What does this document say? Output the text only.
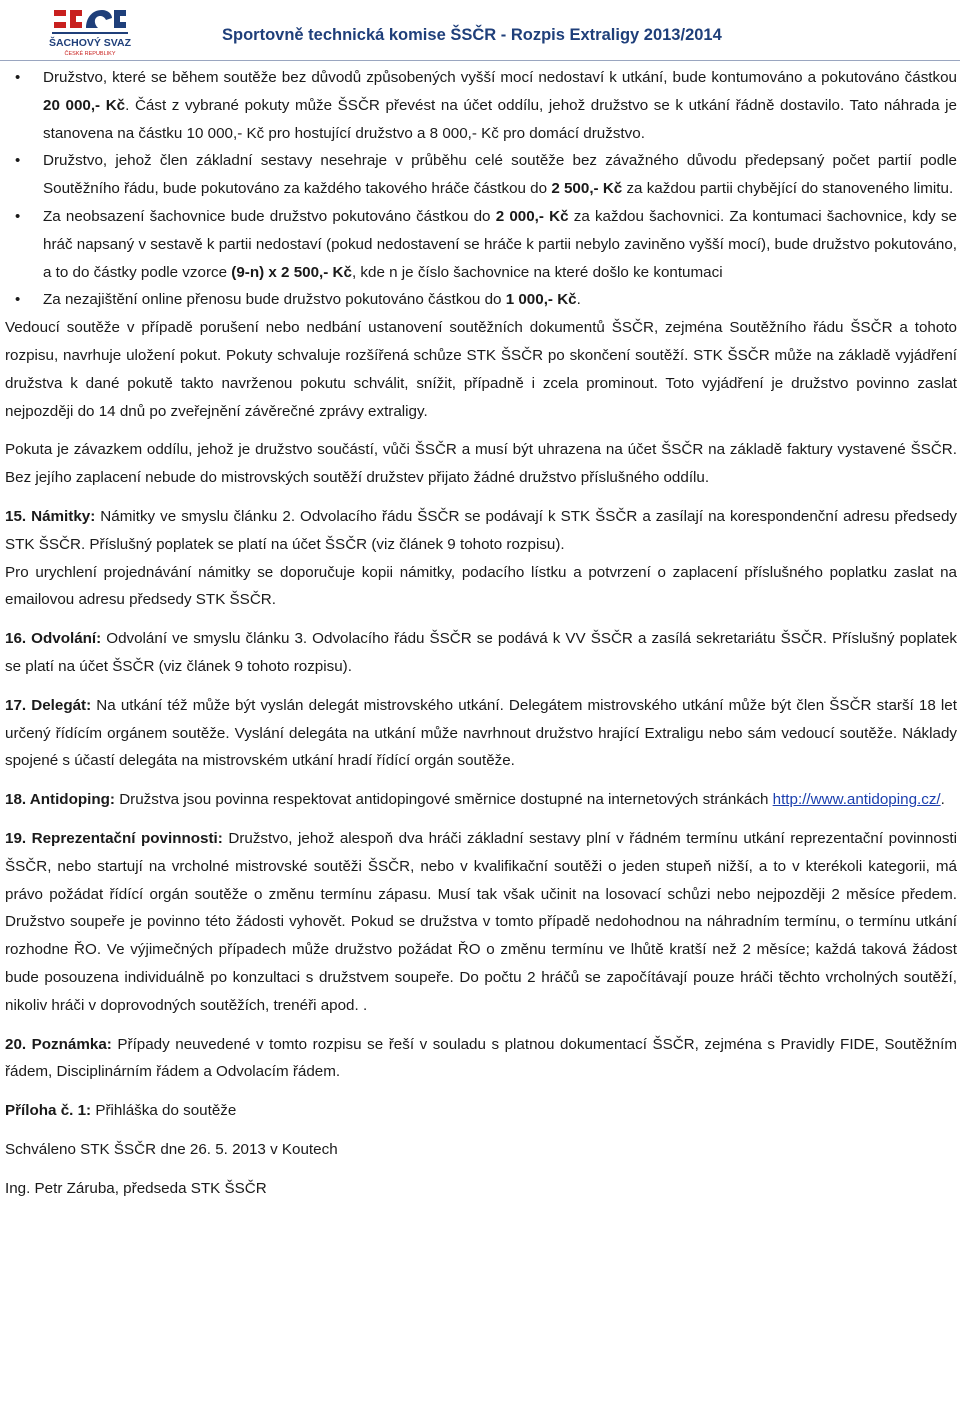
ŠACHOVÝ SVAZ
ČESKÉ REPUBLIKY
Sportovně technická komise ŠSČR - Rozpis Extraligy 2013/2014

• Družstvo, které se během soutěže bez důvodů způsobených vyšší mocí nedostaví k utkání, bude kontumováno a pokutováno částkou 20 000,- Kč. Část z vybrané pokuty může ŠSČR převést na účet oddílu, jehož družstvo se k utkání řádně dostavilo. Tato náhrada je stanovena na částku 10 000,- Kč pro hostující družstvo a 8 000,- Kč pro domácí družstvo.

• Družstvo, jehož člen základní sestavy nesehraje v průběhu celé soutěže bez závažného důvodu předepsaný počet partií podle Soutěžního řádu, bude pokutováno za každého takového hráče částkou do 2 500,- Kč za každou partii chybějící do stanoveného limitu.

• Za neobsazení šachovnice bude družstvo pokutováno částkou do 2 000,- Kč za každou šachovnici. Za kontumaci šachovnice, kdy se hráč napsaný v sestavě k partii nedostaví (pokud nedostavení se hráče k partii nebylo zaviněno vyšší mocí), bude družstvo pokutováno, a to do částky podle vzorce (9-n) x 2 500,- Kč, kde n je číslo šachovnice na které došlo ke kontumaci

• Za nezajištění online přenosu bude družstvo pokutováno částkou do 1 000,- Kč.

Vedoucí soutěže v případě porušení nebo nedbání ustanovení soutěžních dokumentů ŠSČR, zejména Soutěžního řádu ŠSČR a tohoto rozpisu, navrhuje uložení pokut. Pokuty schvaluje rozšířená schůze STK ŠSČR po skončení soutěží. STK ŠSČR může na základě vyjádření družstva k dané pokutě takto navrženou pokutu schválit, snížit, případně i zcela prominout. Toto vyjádření je družstvo povinno zaslat nejpozději do 14 dnů po zveřejnění závěrečné zprávy extraligy.

Pokuta je závazkem oddílu, jehož je družstvo součástí, vůči ŠSČR a musí být uhrazena na účet ŠSČR na základě faktury vystavené ŠSČR. Bez jejího zaplacení nebude do mistrovských soutěží družstev přijato žádné družstvo příslušného oddílu.

15. Námitky: Námitky ve smyslu článku 2. Odvolacího řádu ŠSČR se podávají k STK ŠSČR a zasílají na korespondenční adresu předsedy STK ŠSČR. Příslušný poplatek se platí na účet ŠSČR (viz článek 9 tohoto rozpisu).

Pro urychlení projednávání námitky se doporučuje kopii námitky, podacího lístku a potvrzení o zaplacení příslušného poplatku zaslat na emailovou adresu předsedy STK ŠSČR.

16. Odvolání: Odvolání ve smyslu článku 3. Odvolacího řádu ŠSČR se podává k VV ŠSČR a zasílá sekretariátu ŠSČR. Příslušný poplatek se platí na účet ŠSČR (viz článek 9 tohoto rozpisu).

17. Delegát: Na utkání též může být vyslán delegát mistrovského utkání. Delegátem mistrovského utkání může být člen ŠSČR starší 18 let určený řídícím orgánem soutěže. Vyslání delegáta na utkání může navrhnout družstvo hrající Extraligu nebo sám vedoucí soutěže. Náklady spojené s účastí delegáta na mistrovském utkání hradí řídící orgán soutěže.

18. Antidoping: Družstva jsou povinna respektovat antidopingové směrnice dostupné na internetových stránkách http://www.antidoping.cz/.

19. Reprezentační povinnosti: Družstvo, jehož alespoň dva hráči základní sestavy plní v řádném termínu utkání reprezentační povinnosti ŠSČR, nebo startují na vrcholné mistrovské soutěži ŠSČR, nebo v kvalifikační soutěži o jeden stupeň nižší, a to v kterékoli kategorii, má právo požádat řídící orgán soutěže o změnu termínu zápasu. Musí tak však učinit na losovací schůzi nebo nejpozději 2 měsíce předem. Družstvo soupeře je povinno této žádosti vyhovět. Pokud se družstva v tomto případě nedohodnou na náhradním termínu, o termínu utkání rozhodne ŘO. Ve výjimečných případech může družstvo požádat ŘO o změnu termínu ve lhůtě kratší než 2 měsíce; každá taková žádost bude posouzena individuálně po konzultaci s družstvem soupeře. Do počtu 2 hráčů se započítávají pouze hráči těchto vrcholných soutěží, nikoliv hráči v doprovodných soutěžích, trenéři apod. .

20. Poznámka: Případy neuvedené v tomto rozpisu se řeší v souladu s platnou dokumentací ŠSČR, zejména s Pravidly FIDE, Soutěžním řádem, Disciplinárním řádem a Odvolacím řádem.

Příloha č. 1: Přihláška do soutěže

Schváleno STK ŠSČR dne 26. 5. 2013 v Koutech

Ing. Petr Záruba, předseda STK ŠSČR
